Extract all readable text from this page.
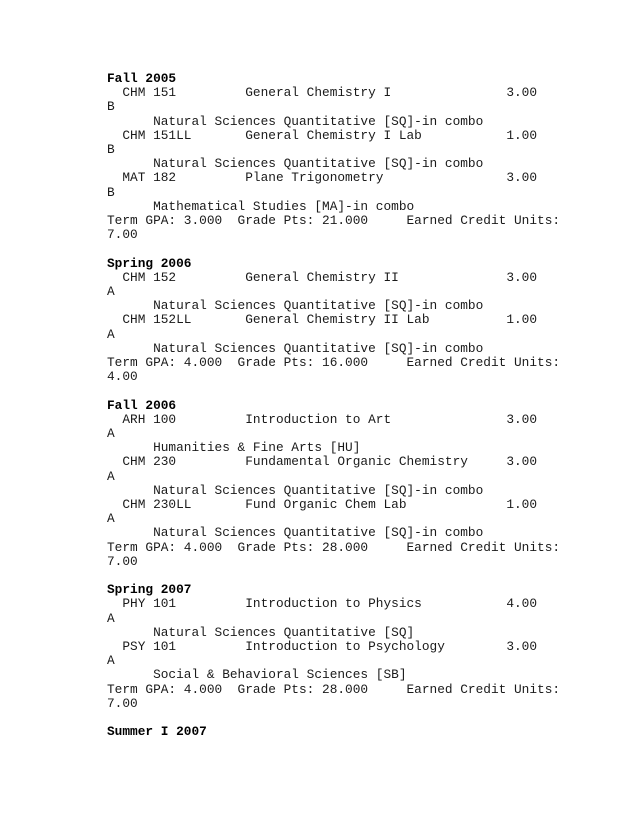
Fall 2005
CHM 151         General Chemistry I               3.00
B
Natural Sciences Quantitative [SQ]-in combo
CHM 151LL       General Chemistry I Lab           1.00
B
Natural Sciences Quantitative [SQ]-in combo
MAT 182         Plane Trigonometry                3.00
B
Mathematical Studies [MA]-in combo
Term GPA: 3.000  Grade Pts: 21.000     Earned Credit Units:
7.00
Spring 2006
CHM 152         General Chemistry II              3.00
A
Natural Sciences Quantitative [SQ]-in combo
CHM 152LL       General Chemistry II Lab          1.00
A
Natural Sciences Quantitative [SQ]-in combo
Term GPA: 4.000  Grade Pts: 16.000     Earned Credit Units:
4.00
Fall 2006
ARH 100         Introduction to Art               3.00
A
Humanities & Fine Arts [HU]
CHM 230         Fundamental Organic Chemistry     3.00
A
Natural Sciences Quantitative [SQ]-in combo
CHM 230LL       Fund Organic Chem Lab             1.00
A
Natural Sciences Quantitative [SQ]-in combo
Term GPA: 4.000  Grade Pts: 28.000     Earned Credit Units:
7.00
Spring 2007
PHY 101         Introduction to Physics           4.00
A
Natural Sciences Quantitative [SQ]
PSY 101         Introduction to Psychology        3.00
A
Social & Behavioral Sciences [SB]
Term GPA: 4.000  Grade Pts: 28.000     Earned Credit Units:
7.00
Summer I 2007
